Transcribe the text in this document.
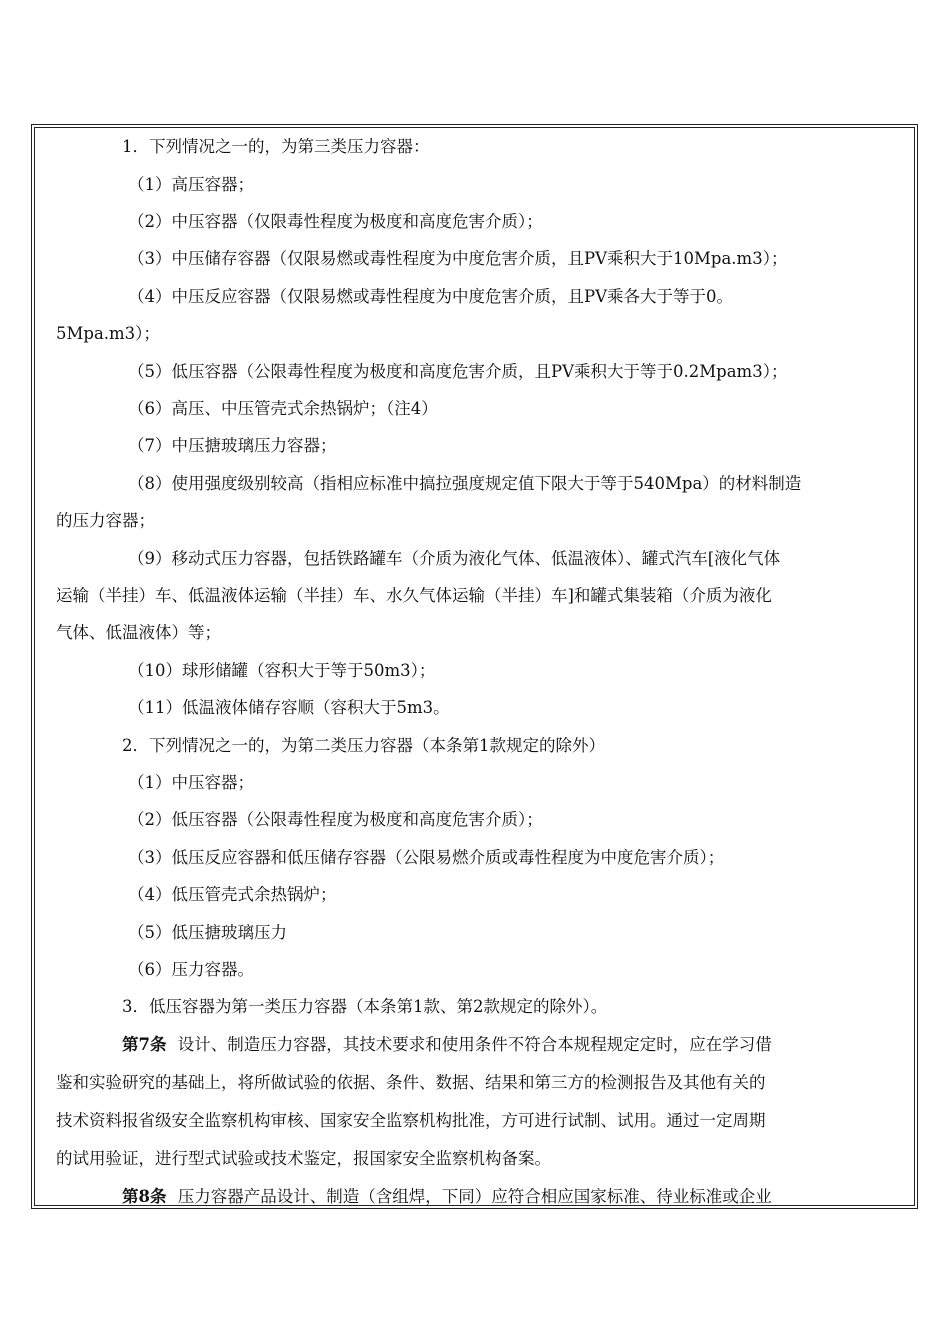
1．下列情况之一的，为第三类压力容器：
（1）高压容器；
（2）中压容器（仅限毒性程度为极度和高度危害介质）；
（3）中压储存容器（仅限易燃或毒性程度为中度危害介质，且PV乘积大于10Mpa.m3）；
（4）中压反应容器（仅限易燃或毒性程度为中度危害介质，且PV乘各大于等于0。
5Mpa.m3）；
（5）低压容器（公限毒性程度为极度和高度危害介质，且PV乘积大于等于0.2Mpam3）；
（6）高压、中压管壳式余热锅炉；（注4）
（7）中压搪玻璃压力容器；
（8）使用强度级别较高（指相应标准中搞拉强度规定值下限大于等于540Mpa）的材料制造
的压力容器；
（9）移动式压力容器，包括铁路罐车（介质为液化气体、低温液体）、罐式汽车[液化气体
运输（半挂）车、低温液体运输（半挂）车、水久气体运输（半挂）车]和罐式集装箱（介质为液化
气体、低温液体）等；
（10）球形储罐（容积大于等于50m3）；
（11）低温液体储存容顺（容积大于5m3。
2．下列情况之一的，为第二类压力容器（本条第1款规定的除外）
（1）中压容器；
（2）低压容器（公限毒性程度为极度和高度危害介质）；
（3）低压反应容器和低压储存容器（公限易燃介质或毒性程度为中度危害介质）；
（4）低压管壳式余热锅炉；
（5）低压搪玻璃压力
（6）压力容器。
3．低压容器为第一类压力容器（本条第1款、第2款规定的除外）。
第7条 设计、制造压力容器，其技术要求和使用条件不符合本规程规定定时，应在学习借
鉴和实验研究的基础上，将所做试验的依据、条件、数据、结果和第三方的检测报告及其他有关的
技术资料报省级安全监察机构审核、国家安全监察机构批准，方可进行试制、试用。通过一定周期
的试用验证，进行型式试验或技术鉴定，报国家安全监察机构备案。
第8条 压力容器产品设计、制造（含组焊，下同）应符合相应国家标准、待业标准或企业
